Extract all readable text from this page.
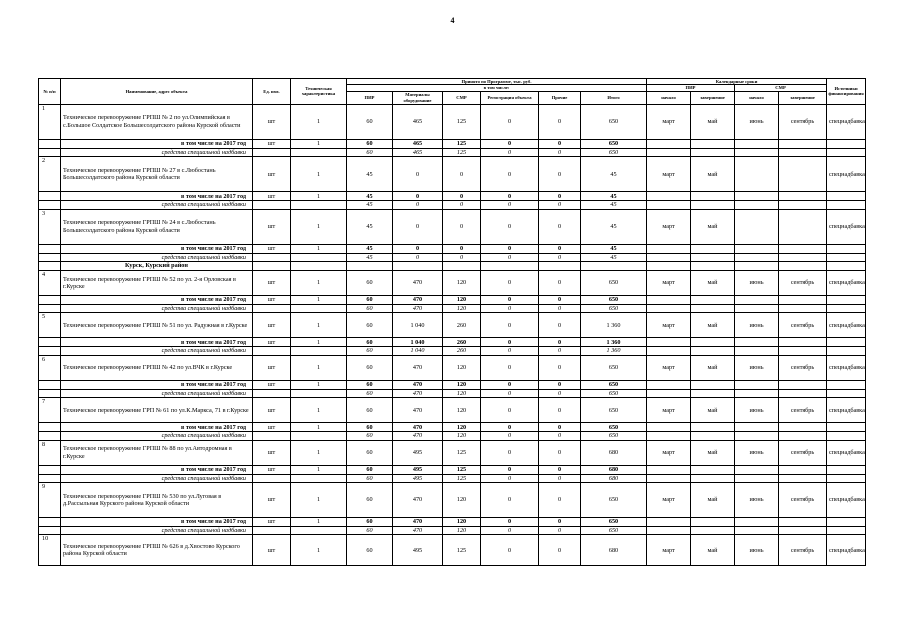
4
№ п/п	Наименование, адрес объекта	Ед. изм.	Техническая характеристика	Принято по Программе, тыс. руб.						Календарные сроки				Источники финансирования
				в том числе:						ПИР		СМР		
				ПИР	Материалы оборудование	СМР	Регистрация объекта	Прочие	Итого	начало	завершение	начало	завершение	
1	Техническое перевооружение ГРПШ № 2 по ул.Олимпийская в с.Большое Солдатское Большесолдатского района Курской области	шт	1	60	465	125	0	0	650	март	май	июнь	сентябрь	спецнадбавка
	в том числе на 2017 год	шт	1	60	465	125	0	0	650					
	средства специальной надбавки			60	465	125	0	0	650					
2	Техническое перевооружение ГРПШ № 27 в с.Любостань Большесолдатского района Курской области	шт	1	45	0	0	0	0	45	март	май			спецнадбавка
	в том числе на 2017 год	шт	1	45	0	0	0	0	45					
	средства специальной надбавки			45	0	0	0	0	45					
3	Техническое перевооружение ГРПШ № 24 в с.Любостань Большесолдатского района Курской области	шт	1	45	0	0	0	0	45	март	май			спецнадбавка
	в том числе на 2017 год	шт	1	45	0	0	0	0	45					
	средства специальной надбавки			45	0	0	0	0	45					
	Курск, Курский район													
4	Техническое перевооружение ГРПШ № 52 по ул. 2-я Орловская в г.Курске	шт	1	60	470	120	0	0	650	март	май	июнь	сентябрь	спецнадбавка
	в том числе на 2017 год	шт	1	60	470	120	0	0	650					
	средства специальной надбавки			60	470	120	0	0	650					
5	Техническое перевооружение ГРПШ № 51 по ул. Радужная в г.Курске	шт	1	60	1 040	260	0	0	1 360	март	май	июнь	сентябрь	спецнадбавка
	в том числе на 2017 год	шт	1	60	1 040	260	0	0	1 360					
	средства специальной надбавки			60	1 040	260	0	0	1 360					
6	Техническое перевооружение ГРПШ № 42 по ул.ВЧК в г.Курске	шт	1	60	470	120	0	0	650	март	май	июнь	сентябрь	спецнадбавка
	в том числе на 2017 год	шт	1	60	470	120	0	0	650					
	средства специальной надбавки			60	470	120	0	0	650					
7	Техническое перевооружение ГРП № 61 по ул.К.Маркса, 71 в г.Курске	шт	1	60	470	120	0	0	650	март	май	июнь	сентябрь	спецнадбавка
	в том числе на 2017 год	шт	1	60	470	120	0	0	650					
	средства специальной надбавки			60	470	120	0	0	650					
8	Техническое перевооружение ГРПШ № 88 по ул.Автодромная в г.Курске	шт	1	60	495	125	0	0	680	март	май	июнь	сентябрь	спецнадбавка
	в том числе на 2017 год	шт	1	60	495	125	0	0	680					
	средства специальной надбавки			60	495	125	0	0	680					
9	Техническое перевооружение ГРПШ № 530 по ул.Луговая в д.Рассыльная Курского района Курской области	шт	1	60	470	120	0	0	650	март	май	июнь	сентябрь	спецнадбавка
	в том числе на 2017 год	шт	1	60	470	120	0	0	650					
	средства специальной надбавки			60	470	120	0	0	650					
10	Техническое перевооружение ГРПШ № 626 в д.Хвостово Курского района Курской области	шт	1	60	495	125	0	0	680	март	май	июнь	сентябрь	спецнадбавка
